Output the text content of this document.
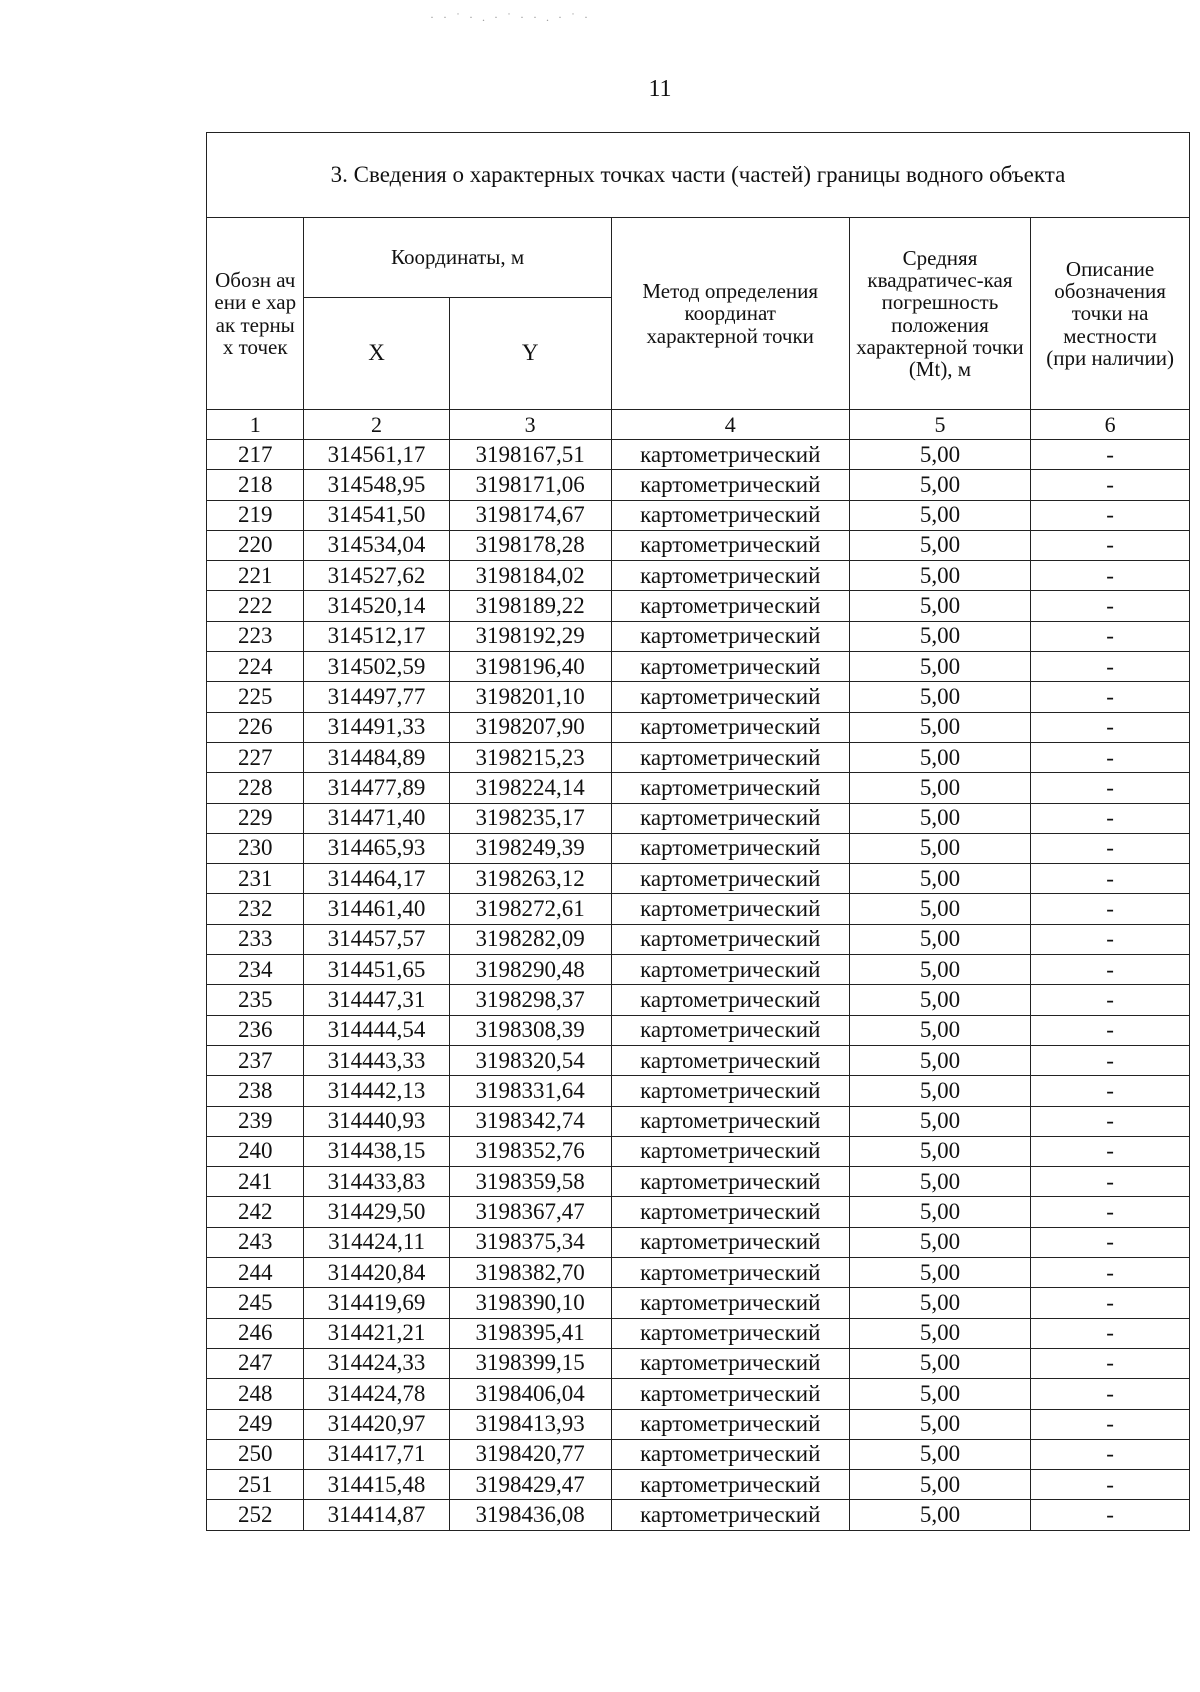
11
· · ˙ · . · ˙ · · . · ˙ ·
3. Сведения о характерных точках части (частей) границы водного объекта					
Обозн ачени е харак терны х точек	Координаты, м		Метод определения координат характерной точки	Средняя квадратичес-кая погрешность положения характерной точки (Mt), м	Описание обозначения точки на местности (при наличии)
	X	Y			
1	2	3	4	5	6
217	314561,17	3198167,51	картометрический	5,00	-
218	314548,95	3198171,06	картометрический	5,00	-
219	314541,50	3198174,67	картометрический	5,00	-
220	314534,04	3198178,28	картометрический	5,00	-
221	314527,62	3198184,02	картометрический	5,00	-
222	314520,14	3198189,22	картометрический	5,00	-
223	314512,17	3198192,29	картометрический	5,00	-
224	314502,59	3198196,40	картометрический	5,00	-
225	314497,77	3198201,10	картометрический	5,00	-
226	314491,33	3198207,90	картометрический	5,00	-
227	314484,89	3198215,23	картометрический	5,00	-
228	314477,89	3198224,14	картометрический	5,00	-
229	314471,40	3198235,17	картометрический	5,00	-
230	314465,93	3198249,39	картометрический	5,00	-
231	314464,17	3198263,12	картометрический	5,00	-
232	314461,40	3198272,61	картометрический	5,00	-
233	314457,57	3198282,09	картометрический	5,00	-
234	314451,65	3198290,48	картометрический	5,00	-
235	314447,31	3198298,37	картометрический	5,00	-
236	314444,54	3198308,39	картометрический	5,00	-
237	314443,33	3198320,54	картометрический	5,00	-
238	314442,13	3198331,64	картометрический	5,00	-
239	314440,93	3198342,74	картометрический	5,00	-
240	314438,15	3198352,76	картометрический	5,00	-
241	314433,83	3198359,58	картометрический	5,00	-
242	314429,50	3198367,47	картометрический	5,00	-
243	314424,11	3198375,34	картометрический	5,00	-
244	314420,84	3198382,70	картометрический	5,00	-
245	314419,69	3198390,10	картометрический	5,00	-
246	314421,21	3198395,41	картометрический	5,00	-
247	314424,33	3198399,15	картометрический	5,00	-
248	314424,78	3198406,04	картометрический	5,00	-
249	314420,97	3198413,93	картометрический	5,00	-
250	314417,71	3198420,77	картометрический	5,00	-
251	314415,48	3198429,47	картометрический	5,00	-
252	314414,87	3198436,08	картометрический	5,00	-
